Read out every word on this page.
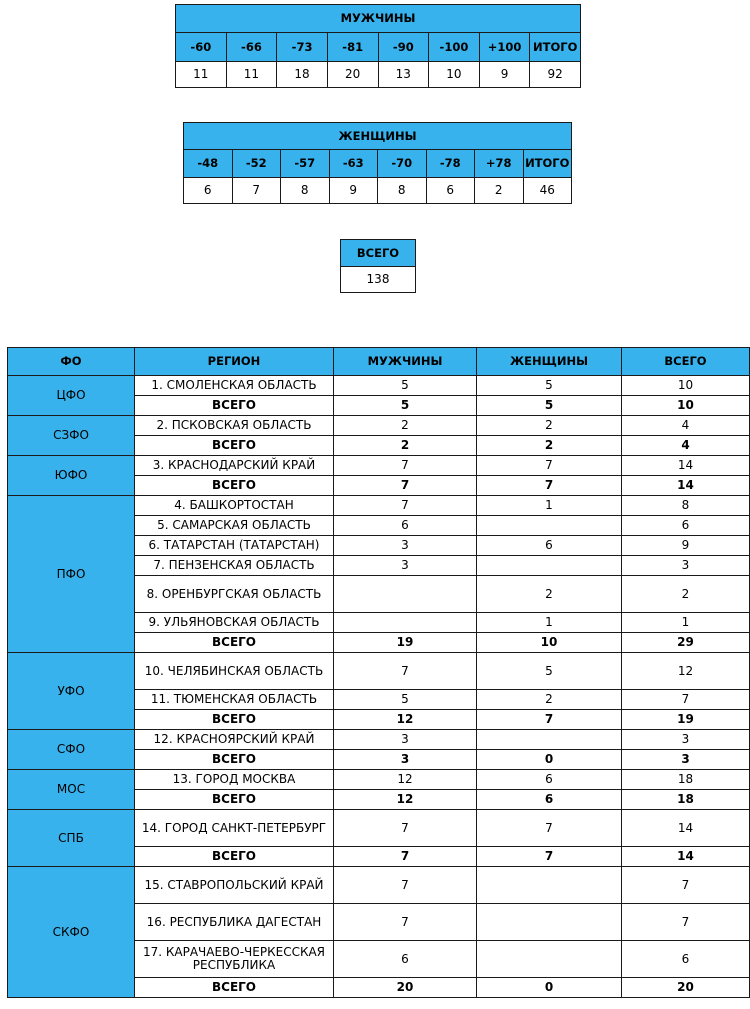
МУЖЧИНЫ							
-60	-66	-73	-81	-90	-100	+100	ИТОГО
11	11	18	20	13	10	9	92
ЖЕНЩИНЫ							
-48	-52	-57	-63	-70	-78	+78	ИТОГО
6	7	8	9	8	6	2	46
ВСЕГО
138
ФО	РЕГИОН	МУЖЧИНЫ	ЖЕНЩИНЫ	ВСЕГО
ЦФО	1. СМОЛЕНСКАЯ ОБЛАСТЬ	5	5	10
	ВСЕГО	5	5	10
СЗФО	2. ПСКОВСКАЯ ОБЛАСТЬ	2	2	4
	ВСЕГО	2	2	4
ЮФО	3. КРАСНОДАРСКИЙ КРАЙ	7	7	14
	ВСЕГО	7	7	14
ПФО	4. БАШКОРТОСТАН	7	1	8
	5. САМАРСКАЯ ОБЛАСТЬ	6		6
	6. ТАТАРСТАН (ТАТАРСТАН)	3	6	9
	7. ПЕНЗЕНСКАЯ ОБЛАСТЬ	3		3
	8. ОРЕНБУРГСКАЯ ОБЛАСТЬ		2	2
	9. УЛЬЯНОВСКАЯ ОБЛАСТЬ		1	1
	ВСЕГО	19	10	29
УФО	10. ЧЕЛЯБИНСКАЯ ОБЛАСТЬ	7	5	12
	11. ТЮМЕНСКАЯ ОБЛАСТЬ	5	2	7
	ВСЕГО	12	7	19
СФО	12. КРАСНОЯРСКИЙ КРАЙ	3		3
	ВСЕГО	3	0	3
МОС	13. ГОРОД МОСКВА	12	6	18
	ВСЕГО	12	6	18
СПБ	14. ГОРОД САНКТ-ПЕТЕРБУРГ	7	7	14
	ВСЕГО	7	7	14
СКФО	15. СТАВРОПОЛЬСКИЙ КРАЙ	7		7
	16. РЕСПУБЛИКА ДАГЕСТАН	7		7
	17. КАРАЧАЕВО-ЧЕРКЕССКАЯ РЕСПУБЛИКА	6		6
	ВСЕГО	20	0	20
